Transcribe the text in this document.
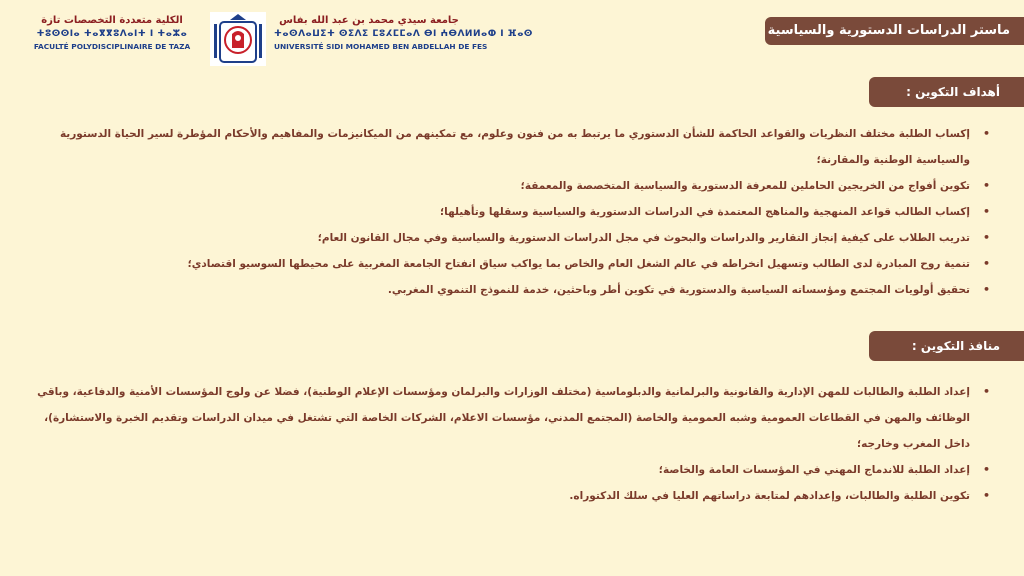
الكلية متعددة التخصصات تازة
ⵜⵓⵙⵙⵏⴰ ⵜⴰⴳⴳⵓⴷⴰⵏⵜ ⵏ ⵜⴰⵣⴰ
FACULTÉ POLYDISCIPLINAIRE DE TAZA
جامعة سيدي محمد بن عبد الله بفاس
ⵜⴰⵙⴷⴰⵡⵉⵜ ⵙⵉⴷⵉ ⵎⵓⵃⵎⵎⴰⴷ ⴱⵏ ⵄⴱⴷⵍⵍⴰⵀ ⵏ ⴼⴰⵙ
UNIVERSITÉ SIDI MOHAMED BEN ABDELLAH DE FES
ماستر الدراسات الدستورية والسياسية
أهداف التكوين :
• إكساب الطلبة مختلف النظريات والقواعد الحاكمة للشأن الدستوري ما يرتبط به من فنون وعلوم، مع تمكينهم من الميكانيزمات والمفاهيم والأحكام المؤطرة لسير الحياة الدستورية والسياسية الوطنية والمقارنة؛
• تكوين أفواج من الخريجين الحاملين للمعرفة الدستورية والسياسية المتخصصة والمعمقة؛
• إكساب الطالب قواعد المنهجية والمناهج المعتمدة في الدراسات الدستورية والسياسية وسقلها وتأهيلها؛
• تدريب الطلاب على كيفية إنجاز التقارير والدراسات والبحوث في مجل الدراسات الدستورية والسياسية وفي مجال القانون العام؛
• تنمية روح المبادرة لدى الطالب وتسهيل انخراطه في عالم الشغل العام والخاص بما يواكب سياق انفتاح الجامعة المغربية على محيطها السوسيو اقتصادي؛
• تحقيق أولويات المجتمع ومؤسساته السياسية والدستورية في تكوين أطر وباحثين، خدمة للنموذج التنموي المغربي.
منافذ التكوين :
• إعداد الطلبة والطالبات للمهن الإدارية والقانونية والبرلمانية والدبلوماسية (مختلف الوزارات والبرلمان ومؤسسات الإعلام الوطنية)، فضلا عن ولوج المؤسسات الأمنية والدفاعية، وباقي الوظائف والمهن في القطاعات العمومية وشبه العمومية والخاصة (المجتمع المدني، مؤسسات الاعلام، الشركات الخاصة التي تشتغل في ميدان الدراسات وتقديم الخبرة والاستشارة)، داخل المغرب وخارجه؛
• إعداد الطلبة للاندماج المهني في المؤسسات العامة والخاصة؛
• تكوين الطلبة والطالبات، وإعدادهم لمتابعة دراساتهم العليا في سلك الدكتوراه.
